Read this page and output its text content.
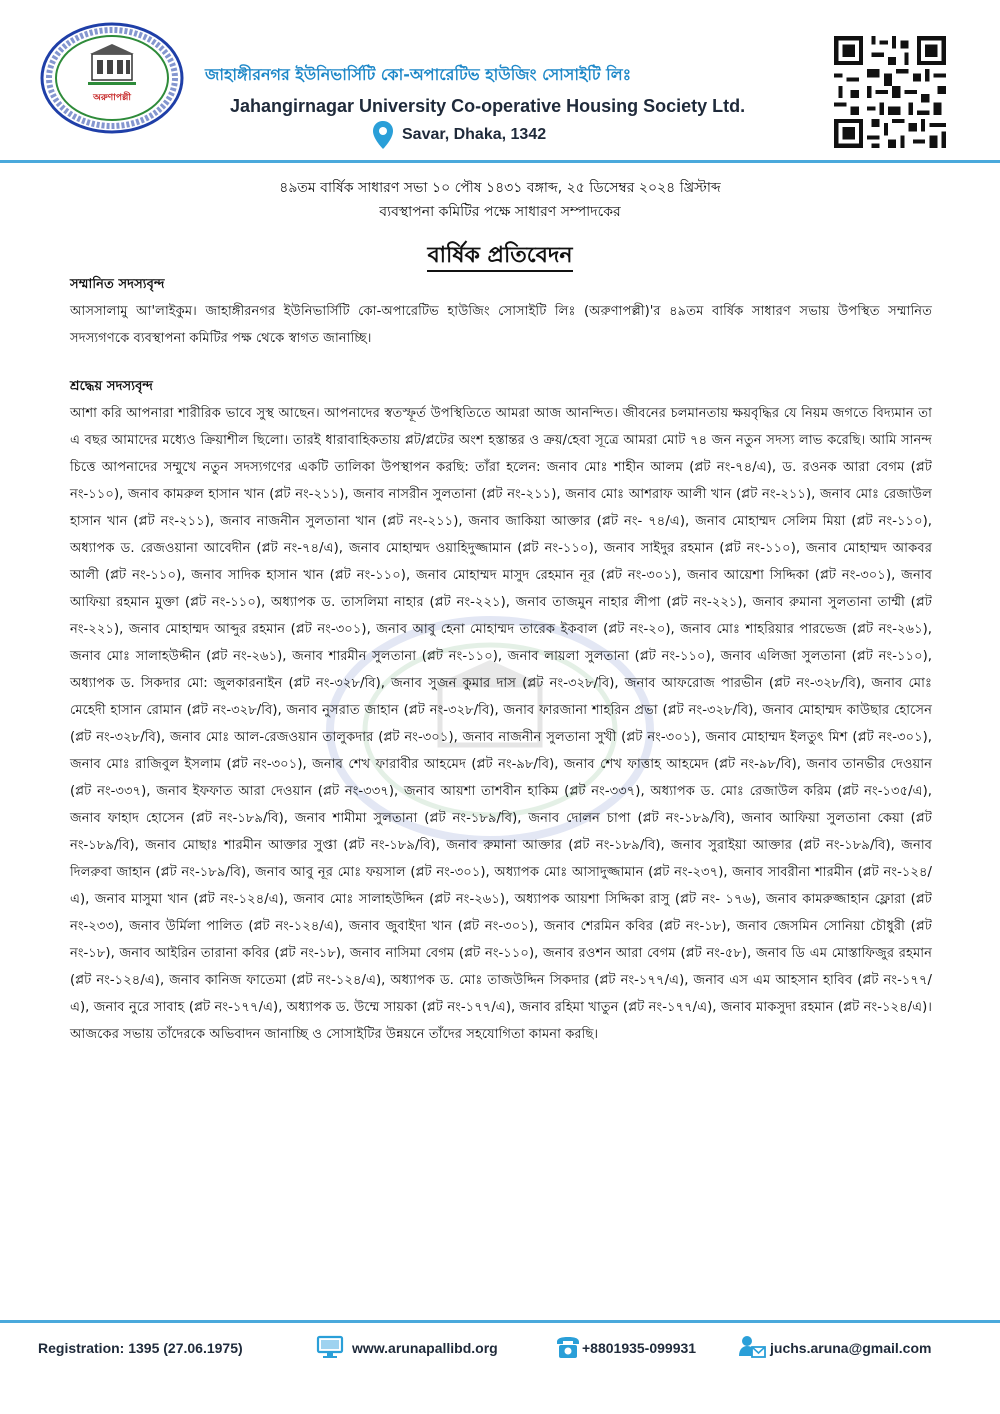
অরুণাপল্লী
জাহাঙ্গীরনগর ইউনিভার্সিটি কো-অপারেটিভ হাউজিং সোসাইটি লিঃ
Jahangirnagar University Co-operative Housing Society Ltd.
Savar, Dhaka, 1342
৪৯তম বার্ষিক সাধারণ সভা ১০ পৌষ ১৪৩১ বঙ্গাব্দ, ২৫ ডিসেম্বর ২০২৪ খ্রিস্টাব্দ
ব্যবস্থাপনা কমিটির পক্ষে সাধারণ সম্পাদকের
বার্ষিক প্রতিবেদন
সম্মানিত সদস্যবৃন্দ

আসসালামু আ'লাইকুম। জাহাঙ্গীরনগর ইউনিভার্সিটি কো-অপারেটিভ হাউজিং সোসাইটি লিঃ (অরুণাপল্লী)'র ৪৯তম বার্ষিক সাধারণ সভায় উপস্থিত সম্মানিত সদস্যগণকে ব্যবস্থাপনা কমিটির পক্ষ থেকে স্বাগত জানাচ্ছি।

শ্রদ্ধেয় সদস্যবৃন্দ

আশা করি আপনারা শারীরিক ভাবে সুস্থ আছেন। আপনাদের স্বতস্ফূর্ত উপস্থিতিতে আমরা আজ আনন্দিত। জীবনের চলমানতায় ক্ষয়বৃদ্ধির যে নিয়ম জগতে বিদ্যমান তা এ বছর আমাদের মধ্যেও ক্রিয়াশীল ছিলো। তারই ধারাবাহিকতায় প্লট/প্লটের অংশ হস্তান্তর ও ক্রয়/হেবা সূত্রে আমরা মোট ৭৪ জন নতুন সদস্য লাভ করেছি। আমি সানন্দ চিত্তে আপনাদের সম্মুখে নতুন সদস্যগণের একটি তালিকা উপস্থাপন করছি: তাঁরা হলেন: জনাব মোঃ শাহীন আলম (প্লট নং-৭৪/এ), ড. রওনক আরা বেগম (প্লট নং-১১০), জনাব কামরুল হাসান খান (প্লট নং-২১১), জনাব নাসরীন সুলতানা (প্লট নং-২১১), জনাব মোঃ আশরাফ আলী খান (প্লট নং-২১১), জনাব মোঃ রেজাউল হাসান খান (প্লট নং-২১১), জনাব নাজনীন সুলতানা খান (প্লট নং-২১১), জনাব জাকিয়া আক্তার (প্লট নং- ৭৪/এ), জনাব মোহাম্মদ সেলিম মিয়া (প্লট নং-১১০), অধ্যাপক ড. রেজওয়ানা আবেদীন (প্লট নং-৭৪/এ), জনাব মোহাম্মদ ওয়াহিদুজ্জামান (প্লট নং-১১০), জনাব সাইদুর রহমান (প্লট নং-১১০), জনাব মোহাম্মদ আকবর আলী (প্লট নং-১১০), জনাব সাদিক হাসান খান (প্লট নং-১১০), জনাব মোহাম্মদ মাসুদ রেহমান নূর (প্লট নং-৩০১), জনাব আয়েশা সিদ্দিকা (প্লট নং-৩০১), জনাব আফিয়া রহমান মুক্তা (প্লট নং-১১০), অধ্যাপক ড. তাসলিমা নাহার (প্লট নং-২২১), জনাব তাজমুন নাহার লীপা (প্লট নং-২২১), জনাব রুমানা সুলতানা তাম্মী (প্লট নং-২২১), জনাব মোহাম্মদ আব্দুর রহমান (প্লট নং-৩০১), জনাব আবু হেনা মোহাম্মদ তারেক ইকবাল (প্লট নং-২০), জনাব মোঃ শাহরিয়ার পারভেজ (প্লট নং-২৬১), জনাব মোঃ সালাহউদ্দীন (প্লট নং-২৬১), জনাব শারমীন সুলতানা (প্লট নং-১১০), জনাব লায়লা সুলতানা (প্লট নং-১১০), জনাব এলিজা সুলতানা (প্লট নং-১১০), অধ্যাপক ড. সিকদার মো: জুলকারনাইন (প্লট নং-৩২৮/বি), জনাব সুজন কুমার দাস (প্লট নং-৩২৮/বি), জনাব আফরোজ পারভীন (প্লট নং-৩২৮/বি), জনাব মোঃ মেহেদী হাসান রোমান (প্লট নং-৩২৮/বি), জনাব নুসরাত জাহান (প্লট নং-৩২৮/বি), জনাব ফারজানা শাহরিন প্রভা (প্লট নং-৩২৮/বি), জনাব মোহাম্মদ কাউছার হোসেন (প্লট নং-৩২৮/বি), জনাব মোঃ আল-রেজওয়ান তালুকদার (প্লট নং-৩০১), জনাব নাজনীন সুলতানা সুখী (প্লট নং-৩০১), জনাব মোহাম্মদ ইলতুৎ মিশ (প্লট নং-৩০১), জনাব মোঃ রাজিবুল ইসলাম (প্লট নং-৩০১), জনাব শেখ ফারাবীর আহমেদ (প্লট নং-৯৮/বি), জনাব শেখ ফাত্তাহ আহমেদ (প্লট নং-৯৮/বি), জনাব তানভীর দেওয়ান (প্লট নং-৩৩৭), জনাব ইফফাত আরা দেওয়ান (প্লট নং-৩৩৭), জনাব আয়শা তাশবীন হাকিম (প্লট নং-৩৩৭), অধ্যাপক ড. মোঃ রেজাউল করিম (প্লট নং-১৩৫/এ), জনাব ফাহাদ হোসেন (প্লট নং-১৮৯/বি), জনাব শামীমা সুলতানা (প্লট নং-১৮৯/বি), জনাব দোলন চাপা (প্লট নং-১৮৯/বি), জনাব আফিয়া সুলতানা কেয়া (প্লট নং-১৮৯/বি), জনাব মোছাঃ শারমীন আক্তার সুপ্তা (প্লট নং-১৮৯/বি), জনাব রুমানা আক্তার (প্লট নং-১৮৯/বি), জনাব সুরাইয়া আক্তার (প্লট নং-১৮৯/বি), জনাব দিলরুবা জাহান (প্লট নং-১৮৯/বি), জনাব আবু নূর মোঃ ফয়সাল (প্লট নং-৩০১), অধ্যাপক মোঃ আসাদুজ্জামান (প্লট নং-২৩৭), জনাব সাবরীনা শারমীন (প্লট নং-১২৪/এ), জনাব মাসুমা খান (প্লট নং-১২৪/এ), জনাব মোঃ সালাহউদ্দিন (প্লট নং-২৬১), অধ্যাপক আয়শা সিদ্দিকা রাসু (প্লট নং- ১৭৬), জনাব কামরুজ্জাহান ফ্লোরা (প্লট নং-২৩৩), জনাব উর্মিলা পালিত (প্লট নং-১২৪/এ), জনাব জুবাইদা খান (প্লট নং-৩০১), জনাব শেরমিন কবির (প্লট নং-১৮), জনাব জেসমিন সোনিয়া চৌধুরী (প্লট নং-১৮), জনাব আইরিন তারানা কবির (প্লট নং-১৮), জনাব নাসিমা বেগম (প্লট নং-১১০), জনাব রওশন আরা বেগম (প্লট নং-৫৮), জনাব ডি এম মোস্তাফিজুর রহমান (প্লট নং-১২৪/এ), জনাব কানিজ ফাতেমা (প্লট নং-১২৪/এ), অধ্যাপক ড. মোঃ তাজউদ্দিন সিকদার (প্লট নং-১৭৭/এ), জনাব এস এম আহসান হাবিব (প্লট নং-১৭৭/এ), জনাব নুরে সাবাহ (প্লট নং-১৭৭/এ), অধ্যাপক ড. উম্মে সায়কা (প্লট নং-১৭৭/এ), জনাব রহিমা খাতুন (প্লট নং-১৭৭/এ), জনাব মাকসুদা রহমান (প্লট নং-১২৪/এ)। আজকের সভায় তাঁদেরকে অভিবাদন জানাচ্ছি ও সোসাইটির উন্নয়নে তাঁদের সহযোগিতা কামনা করছি।

Registration: 1395 (27.06.1975)	www.arunapallibd.org	+8801935-099931	juchs.aruna@gmail.com
